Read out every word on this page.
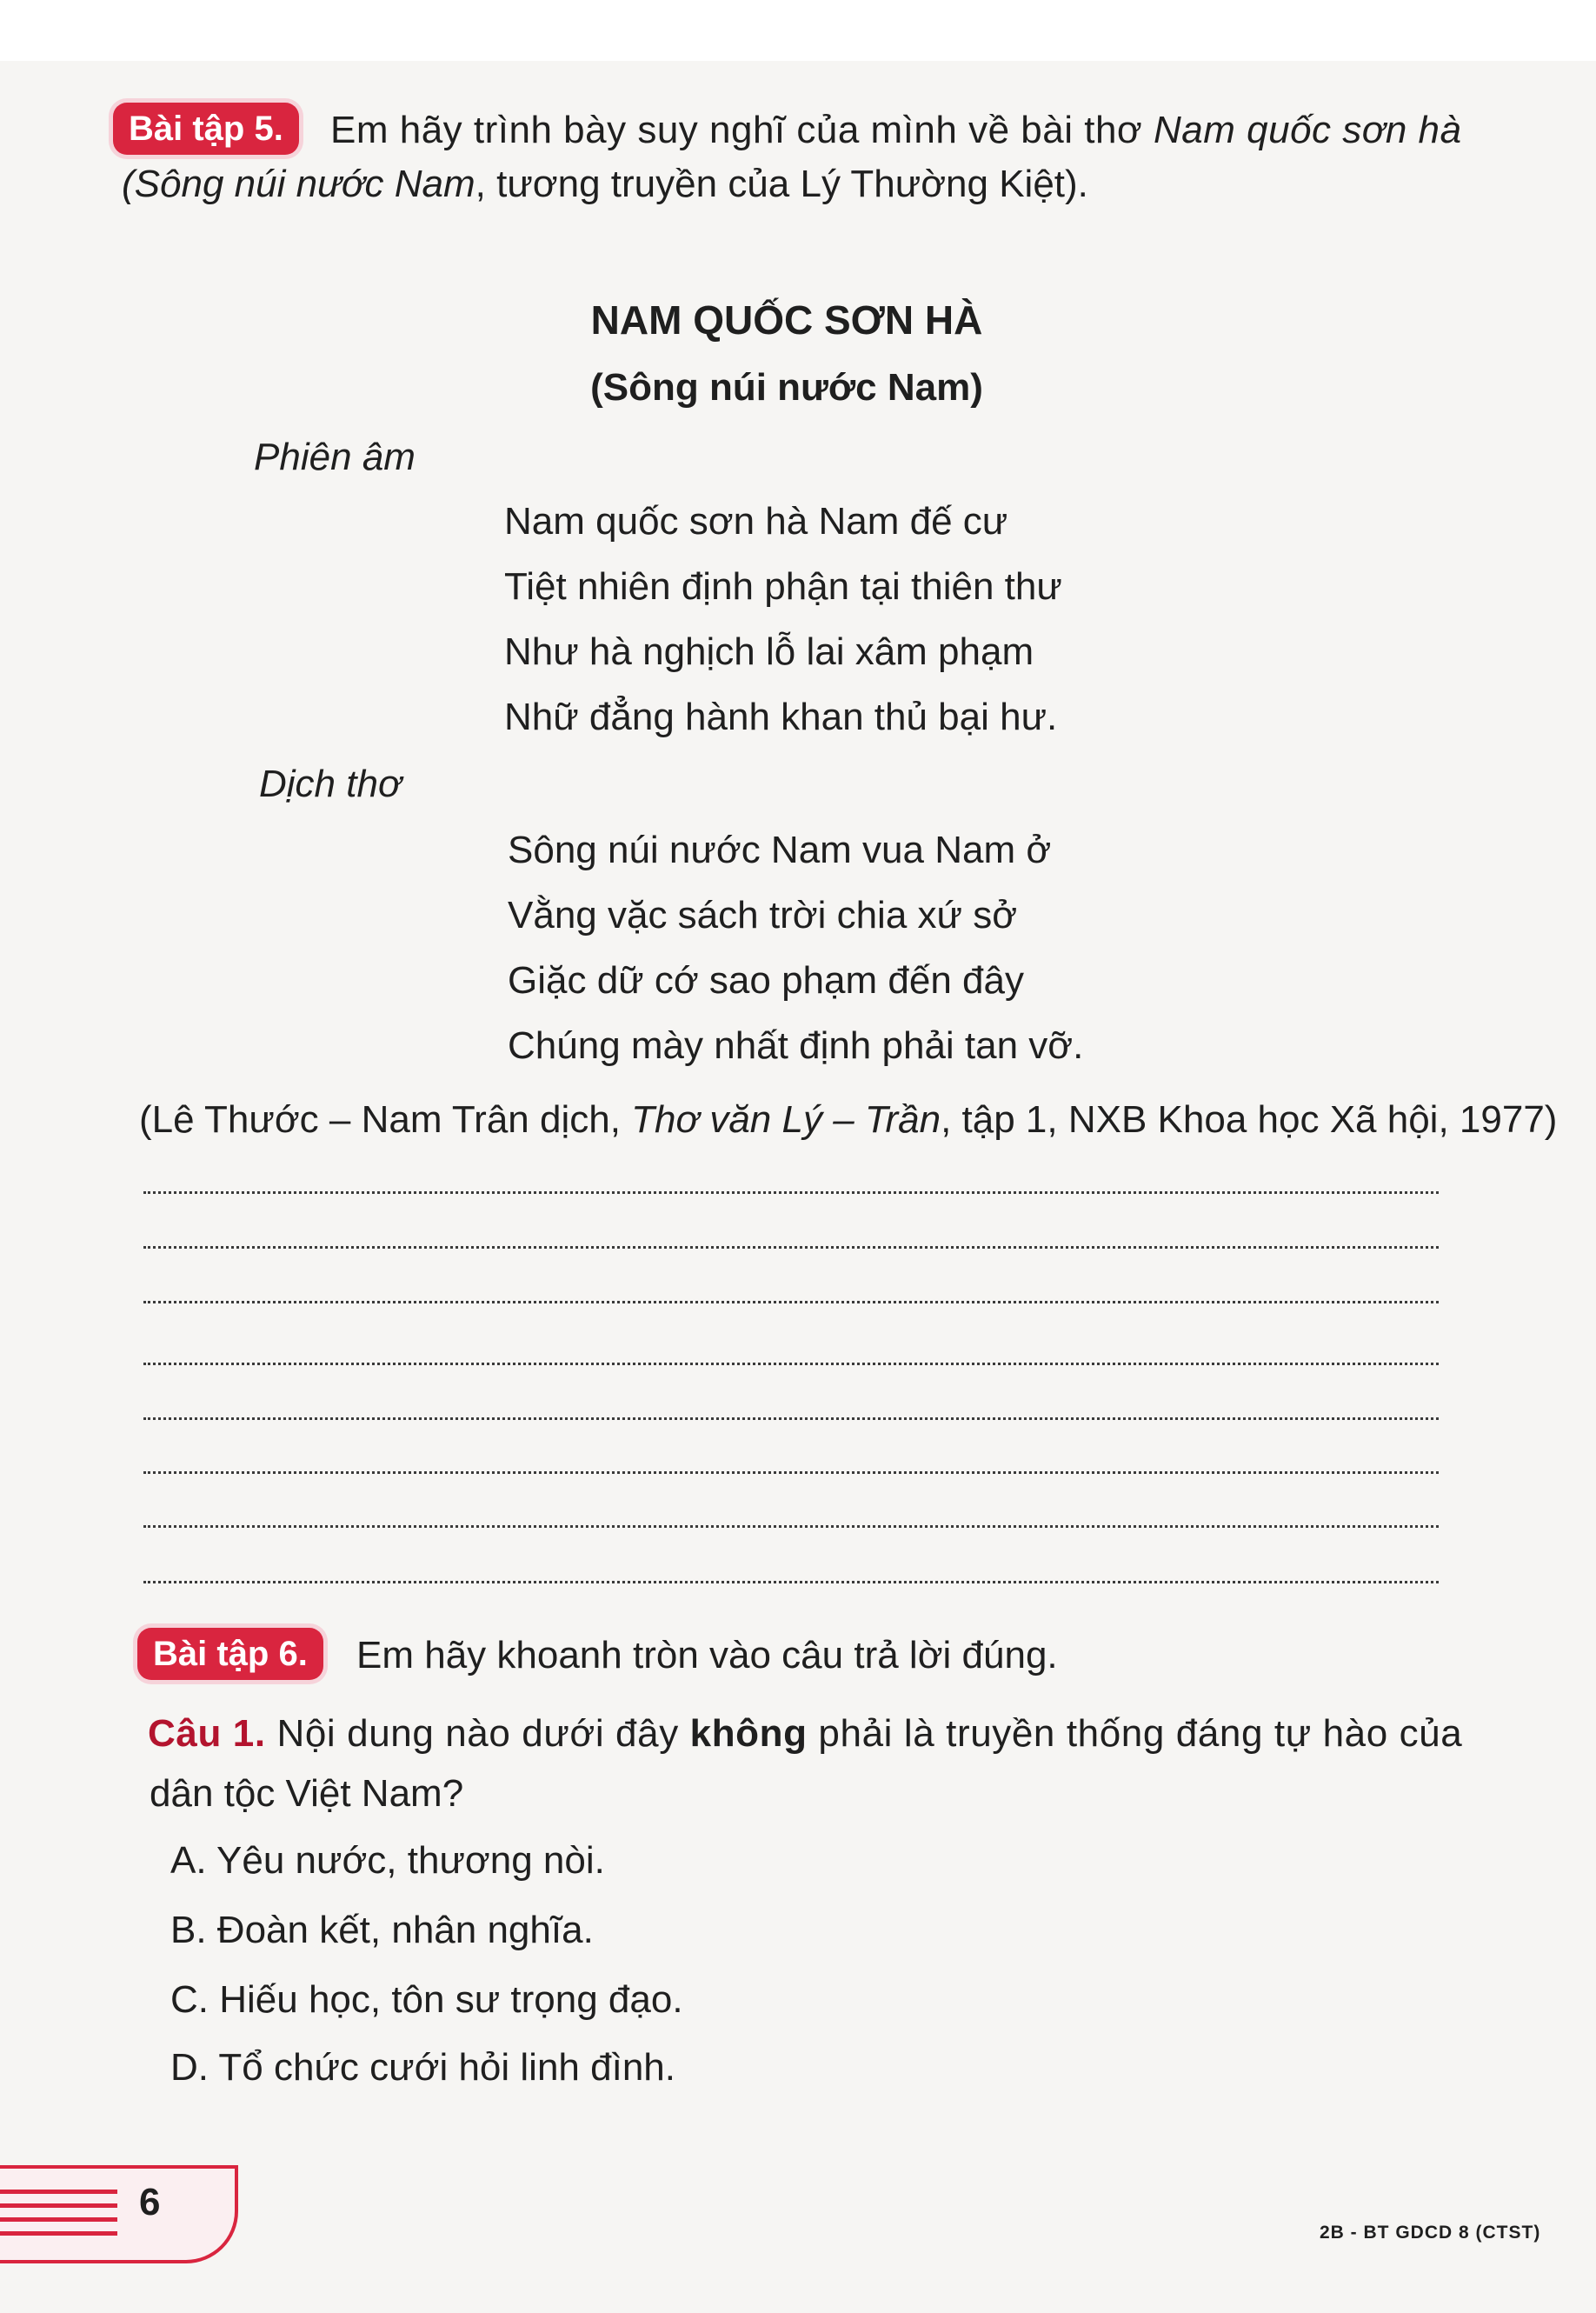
Bài tập 5.	Em hãy trình bày suy nghĩ của mình về bài thơ Nam quốc sơn hà
(Sông núi nước Nam, tương truyền của Lý Thường Kiệt).
NAM QUỐC SƠN HÀ
(Sông núi nước Nam)
Phiên âm
Nam quốc sơn hà Nam đế cư
Tiệt nhiên định phận tại thiên thư
Như hà nghịch lỗ lai xâm phạm
Nhữ đẳng hành khan thủ bại hư.
Dịch thơ
Sông núi nước Nam vua Nam ở
Vằng vặc sách trời chia xứ sở
Giặc dữ cớ sao phạm đến đây
Chúng mày nhất định phải tan vỡ.
(Lê Thước – Nam Trân dịch, Thơ văn Lý – Trần, tập 1, NXB Khoa học Xã hội, 1977)
Bài tập 6.	Em hãy khoanh tròn vào câu trả lời đúng.
Câu 1. Nội dung nào dưới đây không phải là truyền thống đáng tự hào của
dân tộc Việt Nam?
A. Yêu nước, thương nòi.
B. Đoàn kết, nhân nghĩa.
C. Hiếu học, tôn sư trọng đạo.
D. Tổ chức cưới hỏi linh đình.
6
2B - BT GDCD 8 (CTST)
